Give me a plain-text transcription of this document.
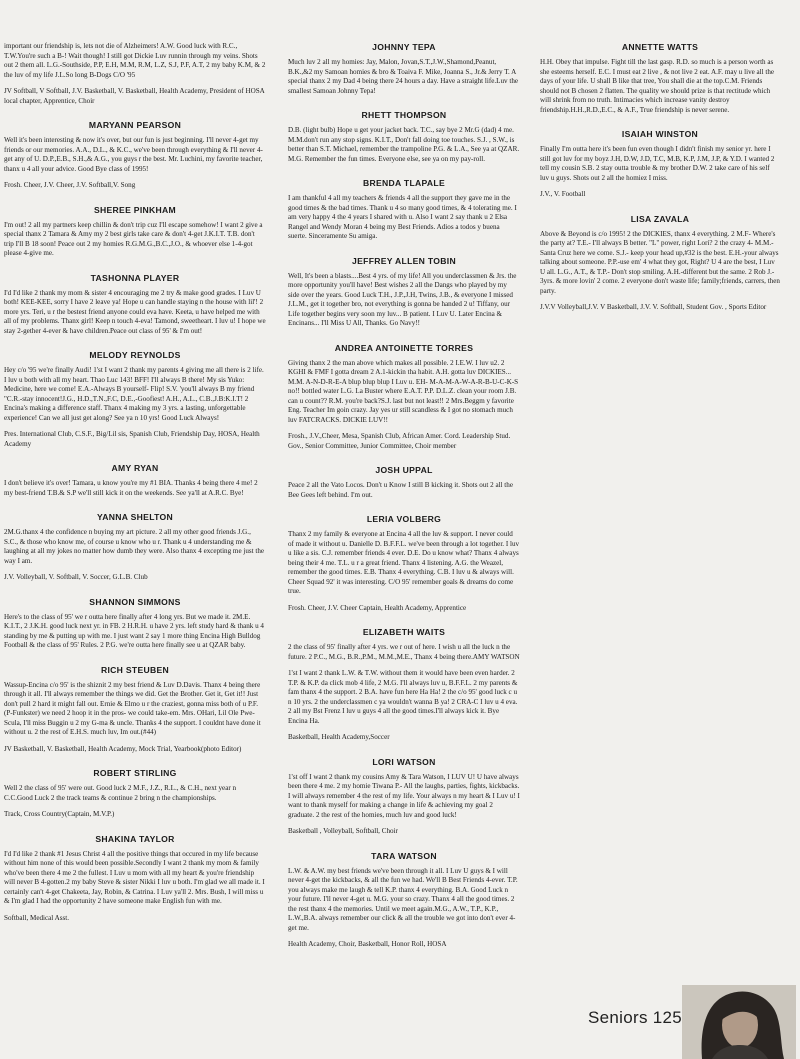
important our friendship is, lets not die of Alzheimers! A.W. Good luck with R.C., T.W.You're such a B-! Wait though! I still got Dickie Luv runnin through my veins. Shots out 2 them all. L.G.-Southside, P.P, E.H, M.M, R.M, L.Z, S.J, P.F, A.T, 2 my baby K.M, & 2 the luv of my life J.L.So long B-Dogs C/O '95

JV Softball, V Softball, J.V. Basketball, V. Basketball, Health Academy, President of HOSA local chapter, Apprentice, Choir

MARYANN PEARSON

Well it's been interesting & now it's over, but our fun is just beginning. I'll never 4-get my friends or our memories. A.A., D.L., & K.C., we've been through everything & I'll never 4-get any of U. D.P.,E.B., S.H.,& A.G., you guys r the best. Mr. Luchini, my favorite teacher, thanx u 4 all your advice. Good Bye class of 1995!

Frosh. Cheer, J.V. Cheer, J.V. Softball,V. Song

SHEREE PINKHAM

I'm out! 2 all my partners keep chillin & don't trip cuz I'll escape somehow! I want 2 give a special thanx 2 Tamara & Amy my 2 best girls take care & don't 4-get J.K.I.T. T.B. don't trip I'll B 18 soon! Peace out 2 my homies R.G.M.G.,B.C.,J.O., & whoever else 1-4-got please 4-give me.

TASHONNA PLAYER

I'd I'd like 2 thank my mom & sister 4 encouraging me 2 try & make good grades. I Luv U both! KEE-KEE, sorry I have 2 leave ya! Hope u can handle staying n the house with lil'! 2 more yrs. Teri, u r the bestest friend anyone could eva have. Keeta, u have helped me with all of my problems. Thanx girl! Keep n touch 4-eva! Tamond, sweetheart. I luv u! I hope we stay 2-gether 4-ever & have children.Peace out class of 95' & I'm out!

MELODY REYNOLDS

Hey c/o '95 we're finally Audi! 1'st I want 2 thank my parents 4 giving me all there is 2 life. I luv u both with all my heart. Thao Luc 143! BFF! I'll always B there! My sis Yuko: Medicine, here we come! E.A.-Always B yourself- Flip! S.V. 'you'll always B my friend "C.R.-stay innocent!J.G., H.D.,T.N.,F.C, D.E.,-Goofiest! A.H., A.L., C.B.,J.B:K.I.T! 2 Encina's making a difference staff. Thanx 4 making my 3 yrs. a lasting, unforgettable experience! Can we all just get along? See ya n 10 yrs! Good Luck Always!

Pres. International Club, C.S.F., Big/Lil sis, Spanish Club, Friendship Day, HOSA, Health Academy

AMY RYAN

I don't believe it's over! Tamara, u know you're my #1 BIA. Thanks 4 being there 4 me! 2 my best-friend T.B.& S.P we'll still kick it on the weekends. See ya'll at A.R.C. Bye!

YANNA SHELTON

2M.G.thanx 4 the confidence n buying my art picture. 2 all my other good friends J.G., S.C., & those who know me, of course u know who u r. Thank u 4 understanding me & laughing at all my jokes no matter how dumb they were. Also thanx 4 excepting me just the way I am.

J.V. Volleyball, V. Softball, V. Soccer, G.L.B. Club

SHANNON SIMMONS

Here's to the class of 95' we r outta here finally after 4 long yrs. But we made it. 2M.E. K.I.T., 2 J.K.H. good luck next yr. in FB. 2 H.R.H. u have 2 yrs. left study hard & thank u 4 standing by me & putting up with me. I just want 2 say 1 more thing Encina High Bulldog Football & the class of 95' Rules. 2 P.G. we're outta here finally see u at QZAR baby.

RICH STEUBEN

Wassup-Encina c/o 95' is the shiznit 2 my best friend & Luv D.Davis. Thanx 4 being there through it all. I'll always remember the things we did. Get the Brother. Get it, Get it!! Just don't pull 2 hard it might fall out. Ernie & Elmo u r the craziest, gonna miss both of u P.F. (P-Funkster) we need 2 hoop it in the pros- we could take-em. Mrs. OHari, Lil Ole Pwe-Scula, I'll miss Buggin u 2 my G-ma & uncle. Thanks 4 the support. I couldnt have done it without u. 2 the rest of E.H.S. much luv, Im out.(#44)

JV Basketball, V. Basketball, Health Academy, Mock Trial, Yearbook(photo Editor)

ROBERT STIRLING

Well 2 the class of 95' were out. Good luck 2 M.F., J.Z., R.L., & C.H., next year n C.C.Good Luck 2 the track teams & continue 2 bring n the championships.

Track, Cross Country(Captain, M.V.P.)

SHAKINA TAYLOR

I'd I'd like 2 thank #1 Jesus Christ 4 all the positive things that occured in my life because without him none of this would been possible.Secondly I want 2 thank my mom & family who've been there 4 me 2 the fullest. I Luv u mom with all my heart & you're friendship will never B 4-gotten.2 my baby Steve & sister Nikki I luv u both. I'm glad we all made it. I certainly can't 4-get Chakeeta, Jay, Robin, & Catrina. I Luv ya'll 2. Mrs. Bush, I will miss u & I'm glad I had the opportunity 2 have someone make English fun with me.

Softball, Medical Asst.

JOHNNY TEPA

Much luv 2 all my homies: Jay, Malon, Jovan,S.T.,J.W.,Shamond,Peanut, B.K.,&2 my Samoan homies & bro & Toaiva F. Mike, Joanna S., Jr.& Jerry T. A special thanx 2 my Dad 4 being there 24 hours a day. Have a straight life.Luv the smallest Samoan Johnny Tepa!

RHETT THOMPSON

D.B. (light bulb) Hope u get your jacket back. T.C., say bye 2 Mr.G (dad) 4 me. M.M.don't run any stop signs. K.I.T., Don't fall doing toe touches. S.J. , S.W., is better than S.T. Michael, remember the trampoline P.G. & L.A., See ya at QZAR. M.G. Remember the fun times. Everyone else, see ya on my pay-roll.

BRENDA TLAPALE

I am thankful 4 all my teachers & friends 4 all the support they gave me in the good times & the bad times. Thank u 4 so many good times, & 4 tolerating me. I am very happy 4 the 4 years I shared with u. Also I want 2 say thank u 2 Elsa Rangel and Wendy Moran 4 being my Best Friends. Adios a todos y buena suerte. Sinceramente Su amiga.

JEFFREY ALLEN TOBIN

Well, It's been a blasts....Best 4 yrs. of my life! All you underclassmen & Jrs. the more opportunity you'll have! Best wishes 2 all the Dangs who played by my side over the years. Good Luck T.H., J.P.,J.H, Twins, J.B., & everyone I missed J.L.M., get it together bro, not everything is gonna be handed 2 u! Tiffany, our Life together begins very soon my luv... B patient. I Luv U. Later Encina & Encinans... I'll Miss U All, Thanks. Go Navy!!

ANDREA ANTOINETTE TORRES

Giving thanx 2 the man above which makes all possible. 2 I.E.W. I luv u2. 2 KGHI & FMF I gotta dream 2 A.1-kickin tha habit. A.H. gotta luv DICKIES... M.M. A-N-D-R-E-A blup blup blup I Luv u. EH- M-A-M-A-W-A-R-B-U-C-K-S no!! bottled water L.G. La Buster where E.A.T. P.P. D.L.Z. clean your room J.B. can u count?? R.M. you're back?S.J. last but not least!! 2 Mrs.Beggm y favorite Eng. Teacher Im goin crazy. Jay yes ur still scandless & I got no stomach much luv FATCRACKS. DICKIE LUV!!

Frosh., J.V.,Cheer, Mesa, Spanish Club, African Amer. Cord. Leadership Stud. Gov., Senior Committee, Junior Committee, Choir member

JOSH UPPAL

Peace 2 all the Vato Locos. Don't u Know I still B kicking it. Shots out 2 all the Bee Gees left behind. I'm out.

LERIA VOLBERG

Thanx 2 my family & everyone at Encina 4 all the luv & support. I never could of made it without u. Danielle D. B.F.F.L. we've been through a lot together. I luv u like a sis. C.J. remember friends 4 ever. D.E. Do u know what? Thanx 4 always being their 4 me. T.L. u r a great friend. Thanx 4 listening. A.G. the Weazel, remember the good times. E.B. Thanx 4 everything. C.B. I luv u & always will. Cheer Squad 92' it was interesting. C/O 95' remember goals & dreams do come true.

Frosh. Cheer, J.V. Cheer Captain, Health Academy, Apprentice

ELIZABETH WAITS

2 the class of 95' finally after 4 yrs. we r out of here. I wish u all the luck n the future. 2 P.C., M.G., B.R.,P.M., M.M.,M.E., Thanx 4 being there.AMY WATSON

1'st I want 2 thank L.W. & T.W. without them it would have been even harder. 2 T.P. & K.P. da click mob 4 life, 2 M.G. I'll always luv u, B.F.F.L. 2 my parents & fam thanx 4 the support. 2 B.A. have fun here Ha Ha! 2 the c/o 95' good luck c u n 10 yrs. 2 the underclassmen c ya wouldn't wanna B ya! 2 CRA-C I luv u 4 eva. 2 all my Bst Frenz I luv u guys 4 all the good times.I'll always kick it. Bye Encina Ha.

Basketball, Health Academy,Soccer

LORI WATSON

1'st off I want 2 thank my cousins Amy & Tara Watson, I LUV U! U have always been there 4 me. 2 my homie Tiwana P.- All the laughs, parties, fights, kickbacks. I will always remember 4 the rest of my life. Your always n my heart & I Luv u! I want to thank myself for making a change in life & achieving my goal 2 graduate. 2 the rest of the homies, much luv and good luck!

Basketball , Volleyball, Softball, Choir

TARA WATSON

L.W. & A.W. my best friends we've been through it all. I Luv U guys & I will never 4-get the kickbacks, & all the fun we had. We'll B Best Friends 4-ever. T.P. you always make me laugh & tell K.P. thanx 4 everything. B.A. Good Luck n your future. I'll never 4-get u. M.G. your so crazy. Thanx 4 all the good times. 2 the rest thanx 4 the memories. Until we meet again.M.G., A.W., T.P., K.P., L.W.,B.A. always remember our click & all the trouble we got into don't ever 4-get me.

Health Academy, Choir, Basketball, Honor Roll, HOSA

ANNETTE WATTS

H.H. Obey that impulse. Fight till the last gasp. R.D. so much is a person worth as she esteems herself. E.C. I must eat 2 live , & not live 2 eat. A.F. may u live all the days of your life. U shall B like that tree, You shall die at the top.C.M. Friends should not B chosen 2 flatten. The quality we should prize is that rectitude which will shrink from no truth. Intimacies which increase vanity destroy friendship.H.H.,R.D.,E.C., & A.F., True friendship is never serene.

ISAIAH WINSTON

Finally I'm outta here it's been fun even though I didn't finish my senior yr. here I still got luv for my boyz J.H, D.W, J.D, T.C, M.B, K.P, J.M, J.P, & Y.D. I wanted 2 tell my cousin S.B. 2 stay outta trouble & my brother D.W. 2 take care of his self luv u guys. Shots out 2 all the homiez I miss.

J.V., V. Football

LISA ZAVALA

Above & Beyond is c/o 1995! 2 the DICKIES, thanx 4 everything. 2 M.F- Where's the party at? T.E.- I'll always B better. "L" power, right Lori? 2 the crazy 4- M.M.-Santa Cruz here we come. S.J.- keep your head up,#32 is the best. E.H.-your always talking about someone. P.P.-use em' 4 what they got, Right? U 4 are the best, I Luv U all. L.G., A.T., & T.P.- Don't stop smiling. A.H.-different but the same. 2 Rob J.- 3yrs. & more lovin' 2 come. 2 everyone don't waste life; family;friends, carrers, then party.

J.V.V Volleyball,J.V. V Basketball, J.V. V. Softball, Student Gov. , Sports Editor

Seniors 125
